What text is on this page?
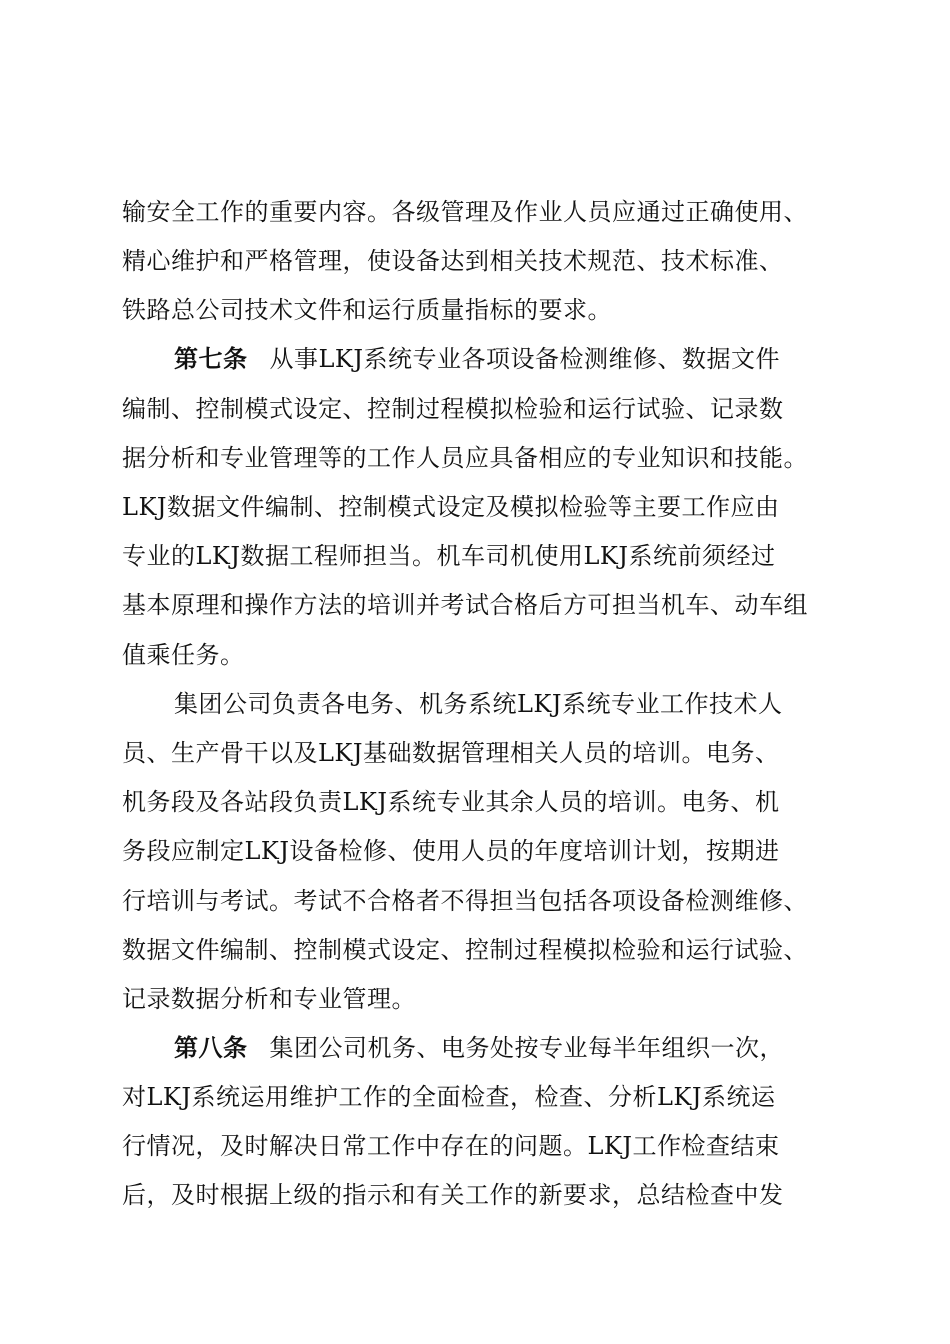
输安全工作的重要内容。各级管理及作业人员应通过正确使用、
精心维护和严格管理，使设备达到相关技术规范、技术标准、
铁路总公司技术文件和运行质量指标的要求。
第七条 从事LKJ系统专业各项设备检测维修、数据文件
编制、控制模式设定、控制过程模拟检验和运行试验、记录数
据分析和专业管理等的工作人员应具备相应的专业知识和技能。
LKJ数据文件编制、控制模式设定及模拟检验等主要工作应由
专业的LKJ数据工程师担当。机车司机使用LKJ系统前须经过
基本原理和操作方法的培训并考试合格后方可担当机车、动车组
值乘任务。
集团公司负责各电务、机务系统LKJ系统专业工作技术人
员、生产骨干以及LKJ基础数据管理相关人员的培训。电务、
机务段及各站段负责LKJ系统专业其余人员的培训。电务、机
务段应制定LKJ设备检修、使用人员的年度培训计划，按期进
行培训与考试。考试不合格者不得担当包括各项设备检测维修、
数据文件编制、控制模式设定、控制过程模拟检验和运行试验、
记录数据分析和专业管理。
第八条 集团公司机务、电务处按专业每半年组织一次，
对LKJ系统运用维护工作的全面检查，检查、分析LKJ系统运
行情况，及时解决日常工作中存在的问题。LKJ工作检查结束
后，及时根据上级的指示和有关工作的新要求，总结检查中发
